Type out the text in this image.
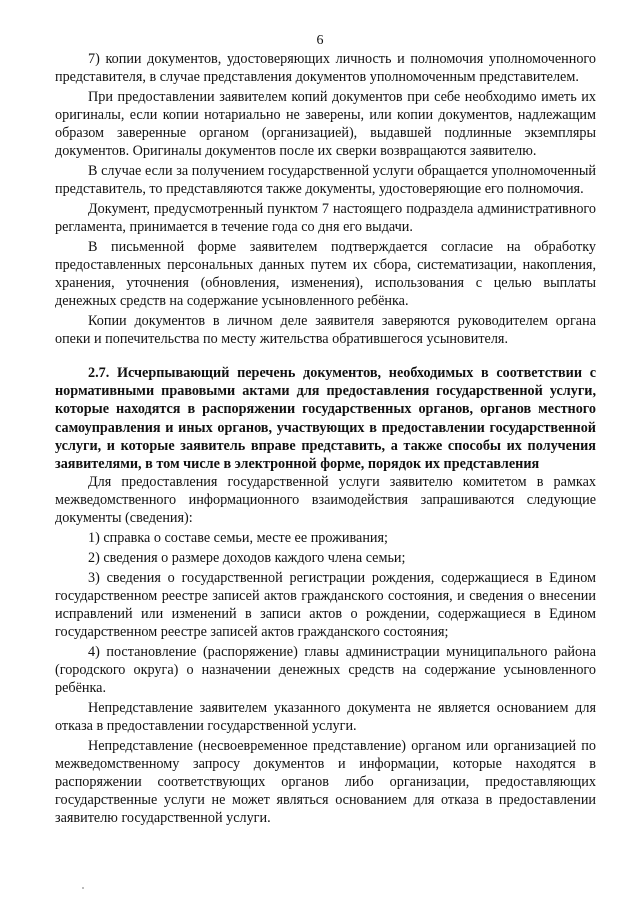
6

7) копии документов, удостоверяющих личность и полномочия уполномоченного представителя, в случае представления документов уполномоченным представителем.

При предоставлении заявителем копий документов при себе необходимо иметь их оригиналы, если копии нотариально не заверены, или копии документов, надлежащим образом заверенные органом (организацией), выдавшей подлинные экземпляры документов. Оригиналы документов после их сверки возвращаются заявителю.

В случае если за получением государственной услуги обращается уполномоченный представитель, то представляются также документы, удостоверяющие его полномочия.

Документ, предусмотренный пунктом 7 настоящего подраздела административного регламента, принимается в течение года со дня его выдачи.

В письменной форме заявителем подтверждается согласие на обработку предоставленных персональных данных путем их сбора, систематизации, накопления, хранения, уточнения (обновления, изменения), использования с целью выплаты денежных средств на содержание усыновленного ребёнка.

Копии документов в личном деле заявителя заверяются руководителем органа опеки и попечительства по месту жительства обратившегося усыновителя.

2.7. Исчерпывающий перечень документов, необходимых в соответствии с нормативными правовыми актами для предоставления государственной услуги, которые находятся в распоряжении государственных органов, органов местного самоуправления и иных органов, участвующих в предоставлении государственной услуги, и которые заявитель вправе представить, а также способы их получения заявителями, в том числе в электронной форме, порядок их представления

Для предоставления государственной услуги заявителю комитетом в рамках межведомственного информационного взаимодействия запрашиваются следующие документы (сведения):

1) справка о составе семьи, месте ее проживания;

2) сведения о размере доходов каждого члена семьи;

3) сведения о государственной регистрации рождения, содержащиеся в Едином государственном реестре записей актов гражданского состояния, и сведения о внесении исправлений или изменений в записи актов о рождении, содержащиеся в Едином государственном реестре записей актов гражданского состояния;

4) постановление (распоряжение) главы администрации муниципального района (городского округа) о назначении денежных средств на содержание усыновленного ребёнка.

Непредставление заявителем указанного документа не является основанием для отказа в предоставлении государственной услуги.

Непредставление (несвоевременное представление) органом или организацией по межведомственному запросу документов и информации, которые находятся в распоряжении соответствующих органов либо организации, предоставляющих государственные услуги не может являться основанием для отказа в предоставлении заявителю государственной услуги.
